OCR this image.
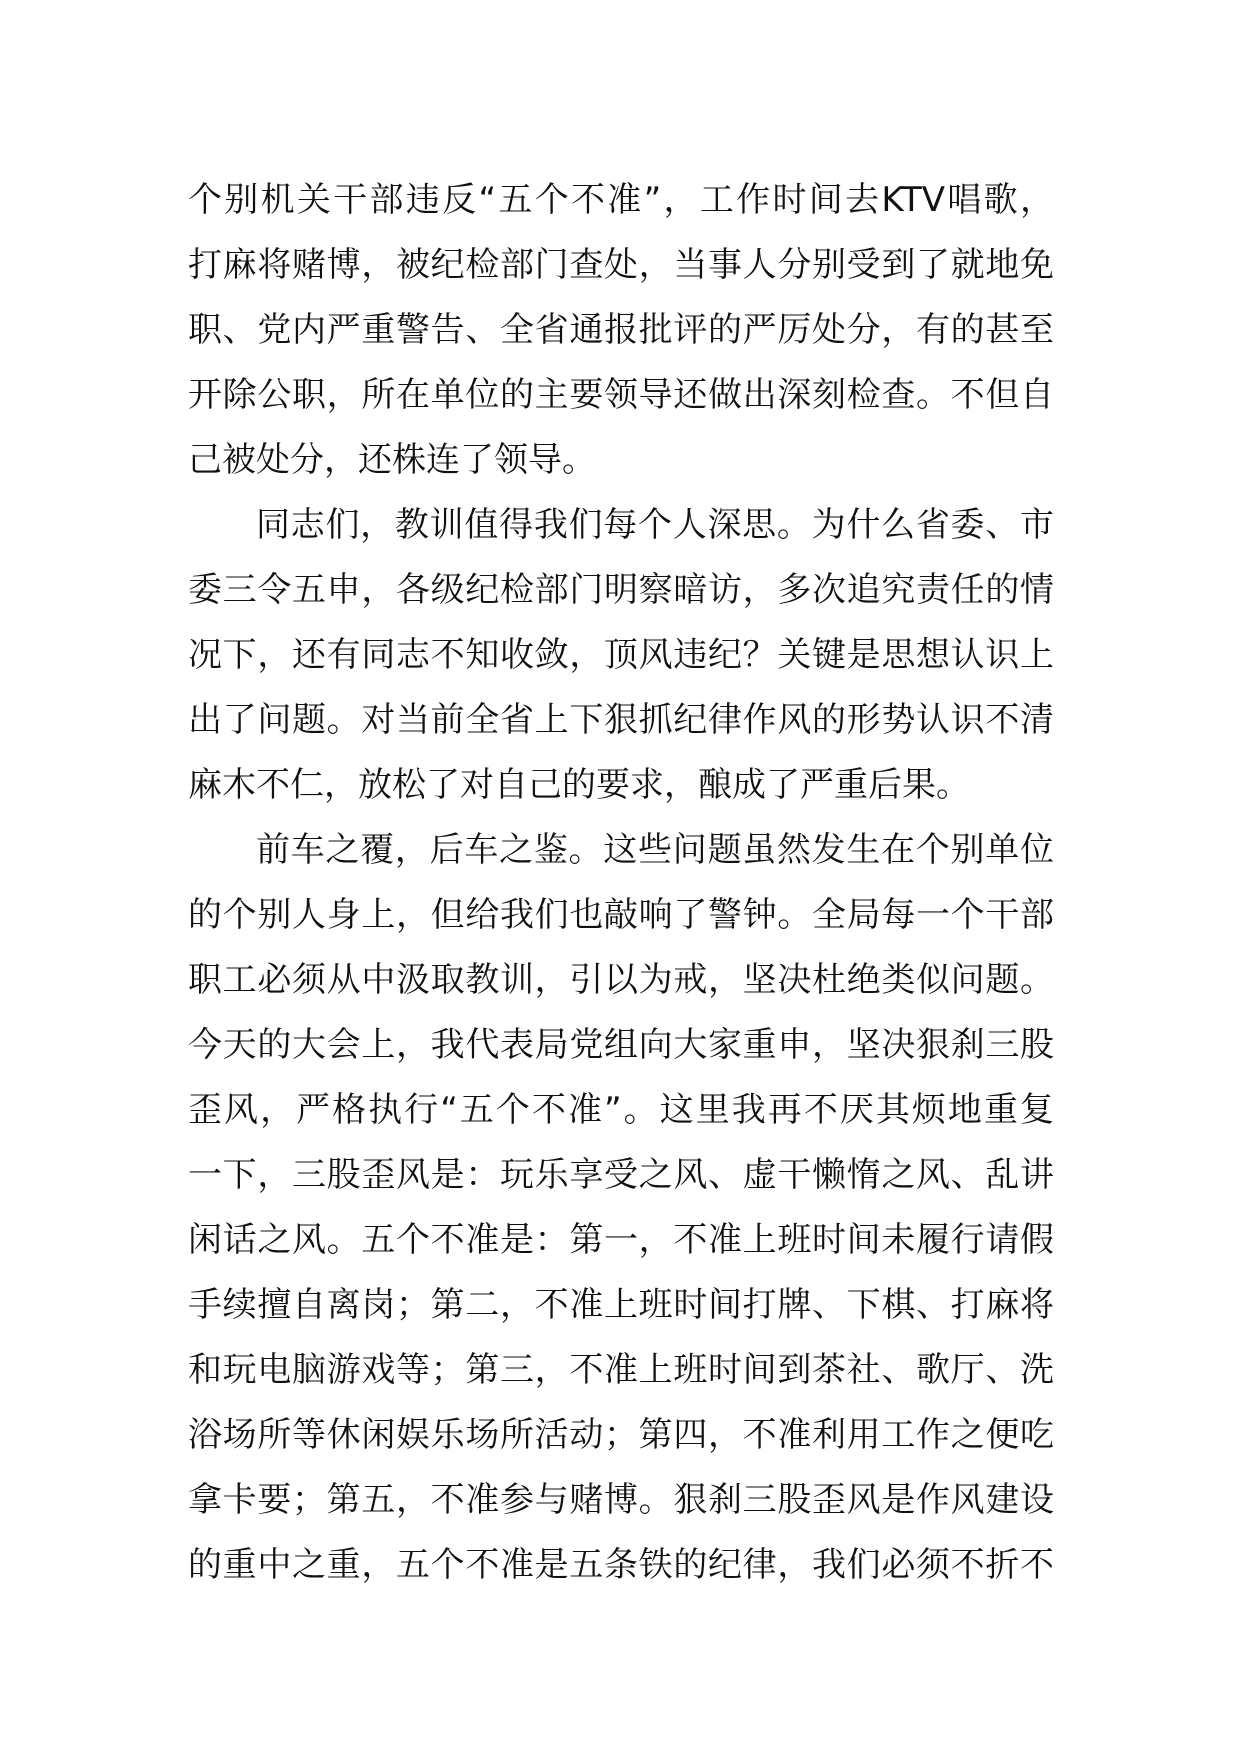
个别机关干部违反“五个不准”，工作时间去KTV唱歌，
打麻将赌博，被纪检部门查处，当事人分别受到了就地免
职、党内严重警告、全省通报批评的严厉处分，有的甚至
开除公职，所在单位的主要领导还做出深刻检查。不但自
己被处分，还株连了领导。
同志们，教训值得我们每个人深思。为什么省委、市
委三令五申，各级纪检部门明察暗访，多次追究责任的情
况下，还有同志不知收敛，顶风违纪？关键是思想认识上
出了问题。对当前全省上下狠抓纪律作风的形势认识不清
麻木不仁，放松了对自己的要求，酿成了严重后果。
前车之覆，后车之鉴。这些问题虽然发生在个别单位
的个别人身上，但给我们也敲响了警钟。全局每一个干部
职工必须从中汲取教训，引以为戒，坚决杜绝类似问题。
今天的大会上，我代表局党组向大家重申，坚决狠刹三股
歪风，严格执行“五个不准”。这里我再不厌其烦地重复
一下，三股歪风是：玩乐享受之风、虚干懒惰之风、乱讲
闲话之风。五个不准是：第一，不准上班时间未履行请假
手续擅自离岗；第二，不准上班时间打牌、下棋、打麻将
和玩电脑游戏等；第三，不准上班时间到茶社、歌厅、洗
浴场所等休闲娱乐场所活动；第四，不准利用工作之便吃
拿卡要；第五，不准参与赌博。狠刹三股歪风是作风建设
的重中之重，五个不准是五条铁的纪律，我们必须不折不
